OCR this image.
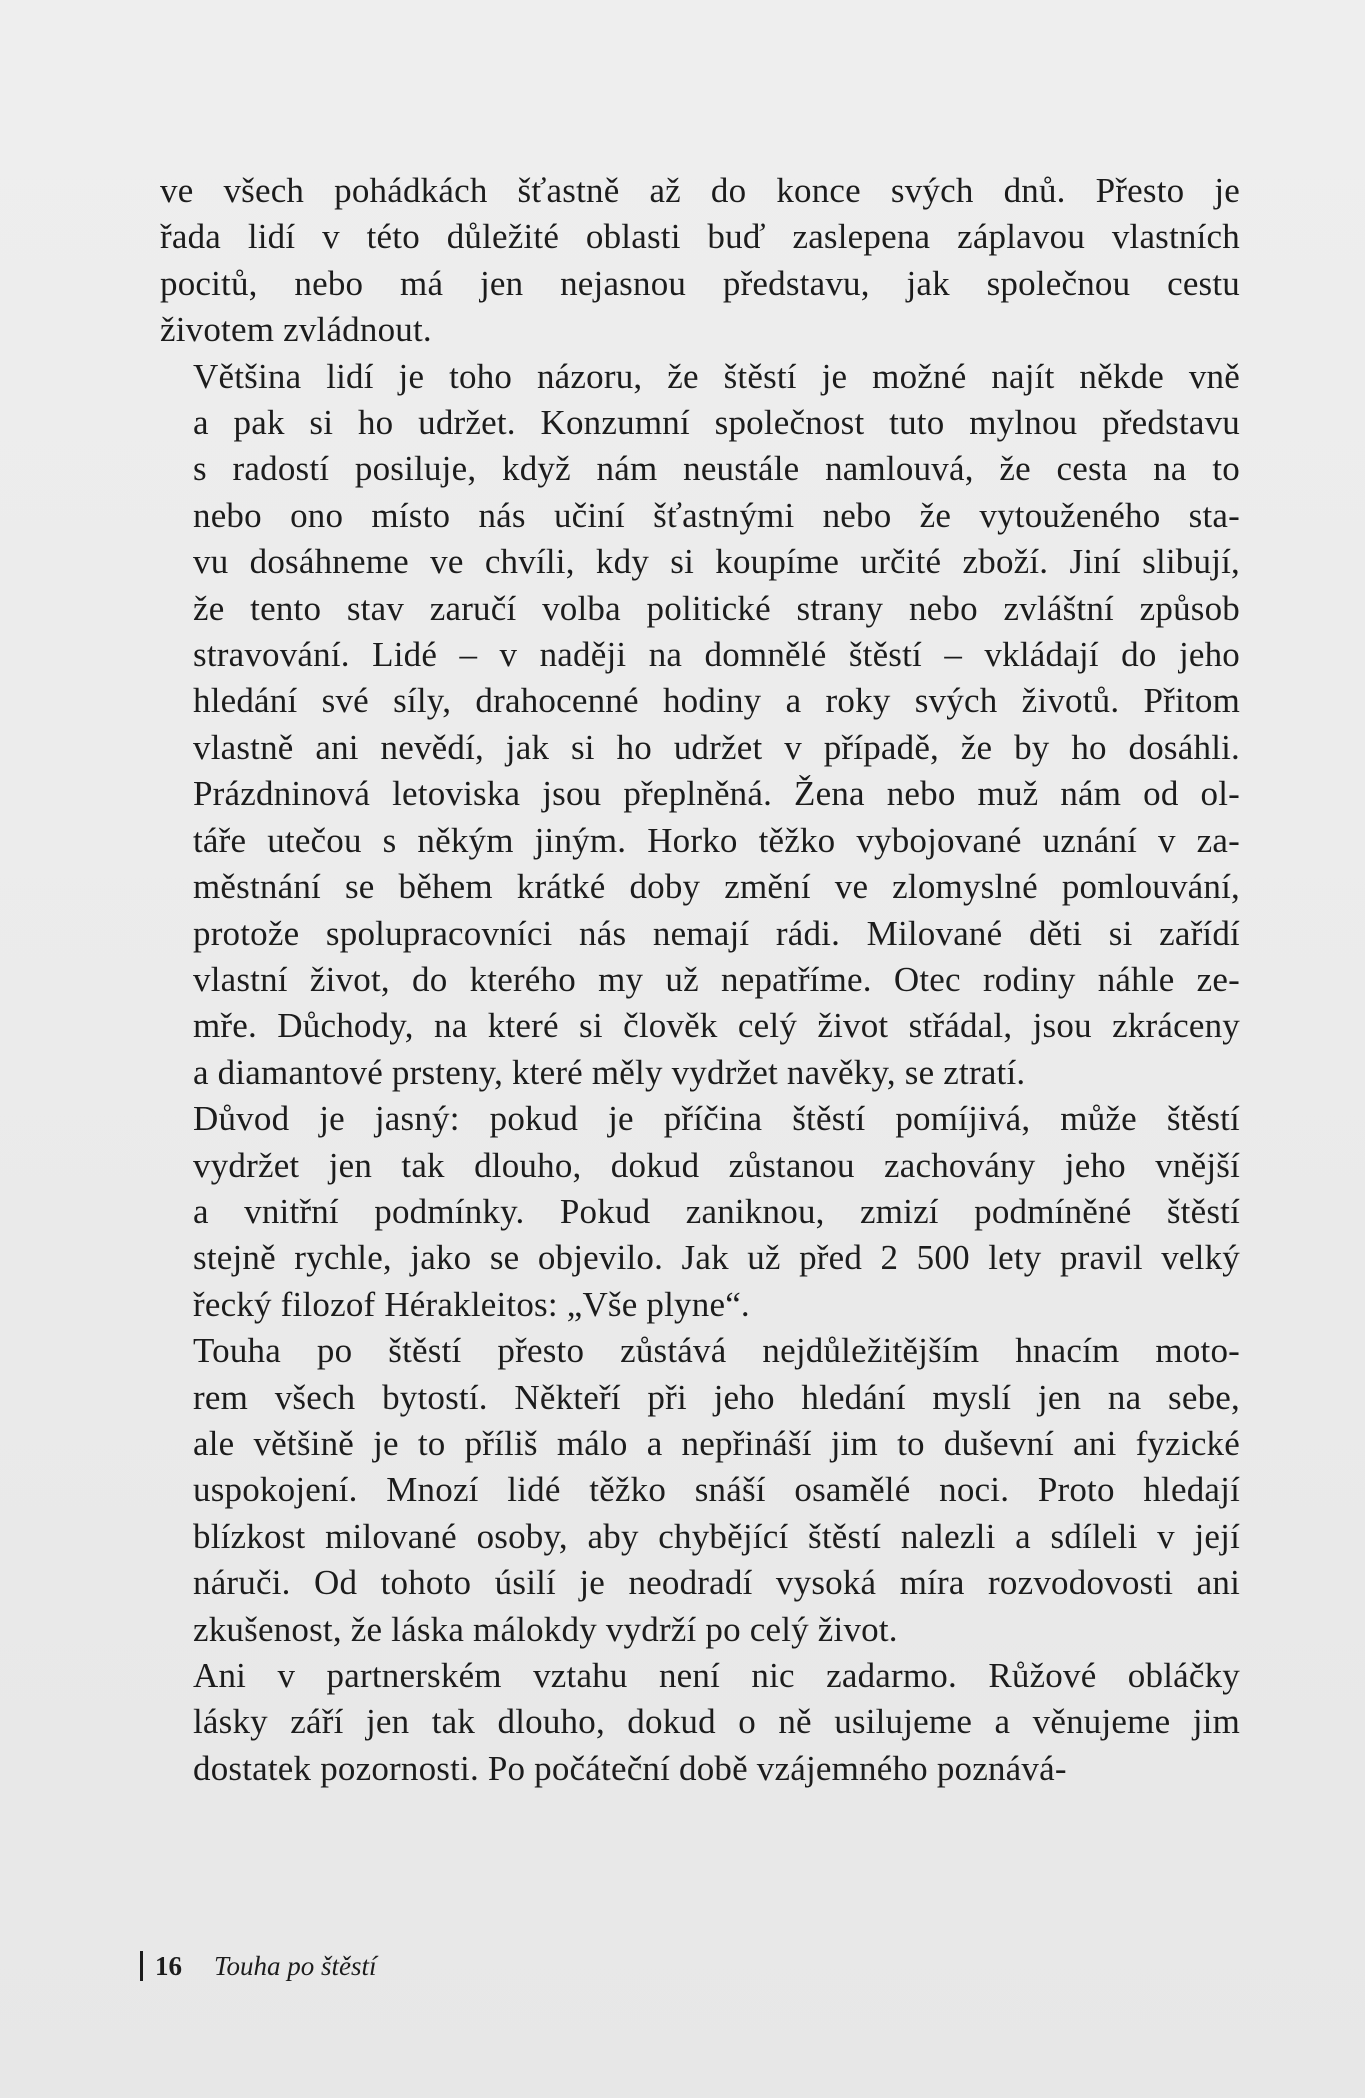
ve všech pohádkách šťastně až do konce svých dnů. Přesto je
řada lidí v této důležité oblasti buď zaslepena záplavou vlastních
pocitů, nebo má jen nejasnou představu, jak společnou cestu
životem zvládnout.

Většina lidí je toho názoru, že štěstí je možné najít někde vně
a pak si ho udržet. Konzumní společnost tuto mylnou představu
s radostí posiluje, když nám neustále namlouvá, že cesta na to
nebo ono místo nás učiní šťastnými nebo že vytouženého sta-
vu dosáhneme ve chvíli, kdy si koupíme určité zboží. Jiní slibují,
že tento stav zaručí volba politické strany nebo zvláštní způsob
stravování. Lidé – v naději na domnělé štěstí – vkládají do jeho
hledání své síly, drahocenné hodiny a roky svých životů. Přitom
vlastně ani nevědí, jak si ho udržet v případě, že by ho dosáhli.
Prázdninová letoviska jsou přeplněná. Žena nebo muž nám od ol-
táře utečou s někým jiným. Horko těžko vybojované uznání v za-
městnání se během krátké doby změní ve zlomyslné pomlouvání,
protože spolupracovníci nás nemají rádi. Milované děti si zařídí
vlastní život, do kterého my už nepatříme. Otec rodiny náhle ze-
mře. Důchody, na které si člověk celý život střádal, jsou zkráceny
a diamantové prsteny, které měly vydržet navěky, se ztratí.

Důvod je jasný: pokud je příčina štěstí pomíjivá, může štěstí
vydržet jen tak dlouho, dokud zůstanou zachovány jeho vnější
a vnitřní podmínky. Pokud zaniknou, zmizí podmíněné štěstí
stejně rychle, jako se objevilo. Jak už před 2 500 lety pravil velký
řecký filozof Hérakleitos: „Vše plyne“.

Touha po štěstí přesto zůstává nejdůležitějším hnacím moto-
rem všech bytostí. Někteří při jeho hledání myslí jen na sebe,
ale většině je to příliš málo a nepřináší jim to duševní ani fyzické
uspokojení. Mnozí lidé těžko snáší osamělé noci. Proto hledají
blízkost milované osoby, aby chybějící štěstí nalezli a sdíleli v její
náruči. Od tohoto úsilí je neodradí vysoká míra rozvodovosti ani
zkušenost, že láska málokdy vydrží po celý život.

Ani v partnerském vztahu není nic zadarmo. Růžové obláčky
lásky září jen tak dlouho, dokud o ně usilujeme a věnujeme jim
dostatek pozornosti. Po počáteční době vzájemného poznává-

16 Touha po štěstí
